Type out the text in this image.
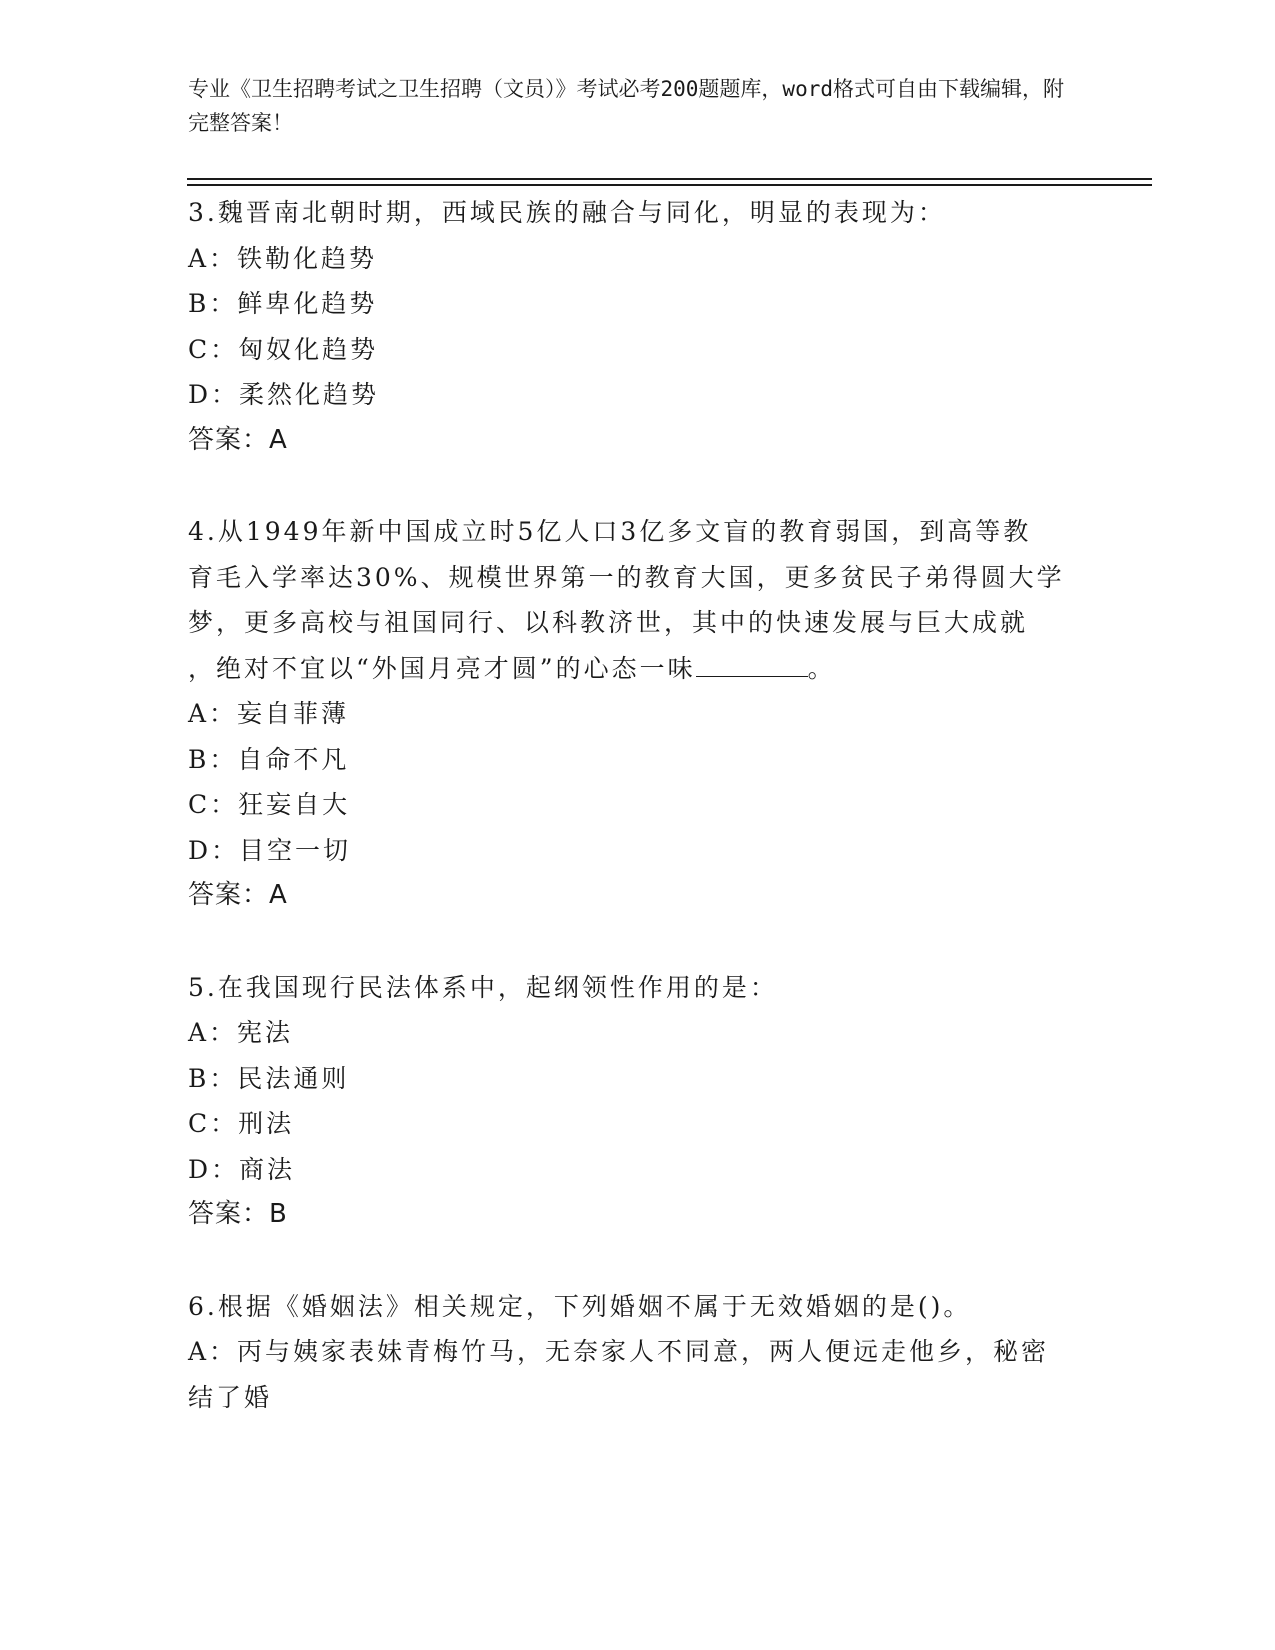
专业《卫生招聘考试之卫生招聘（文员）》考试必考200题题库，word格式可自由下载编辑，附完整答案！
3.魏晋南北朝时期，西域民族的融合与同化，明显的表现为：
A：铁勒化趋势
B：鲜卑化趋势
C：匈奴化趋势
D：柔然化趋势
答案：A
4.从1949年新中国成立时5亿人口3亿多文盲的教育弱国，到高等教
育毛入学率达30%、规模世界第一的教育大国，更多贫民子弟得圆大学
梦，更多高校与祖国同行、以科教济世，其中的快速发展与巨大成就
，绝对不宜以“外国月亮才圆”的心态一味	。
A：妄自菲薄
B：自命不凡
C：狂妄自大
D：目空一切
答案：A
5.在我国现行民法体系中，起纲领性作用的是：
A：宪法
B：民法通则
C：刑法
D：商法
答案：B
6.根据《婚姻法》相关规定，下列婚姻不属于无效婚姻的是()。
A：丙与姨家表妹青梅竹马，无奈家人不同意，两人便远走他乡，秘密
结了婚
